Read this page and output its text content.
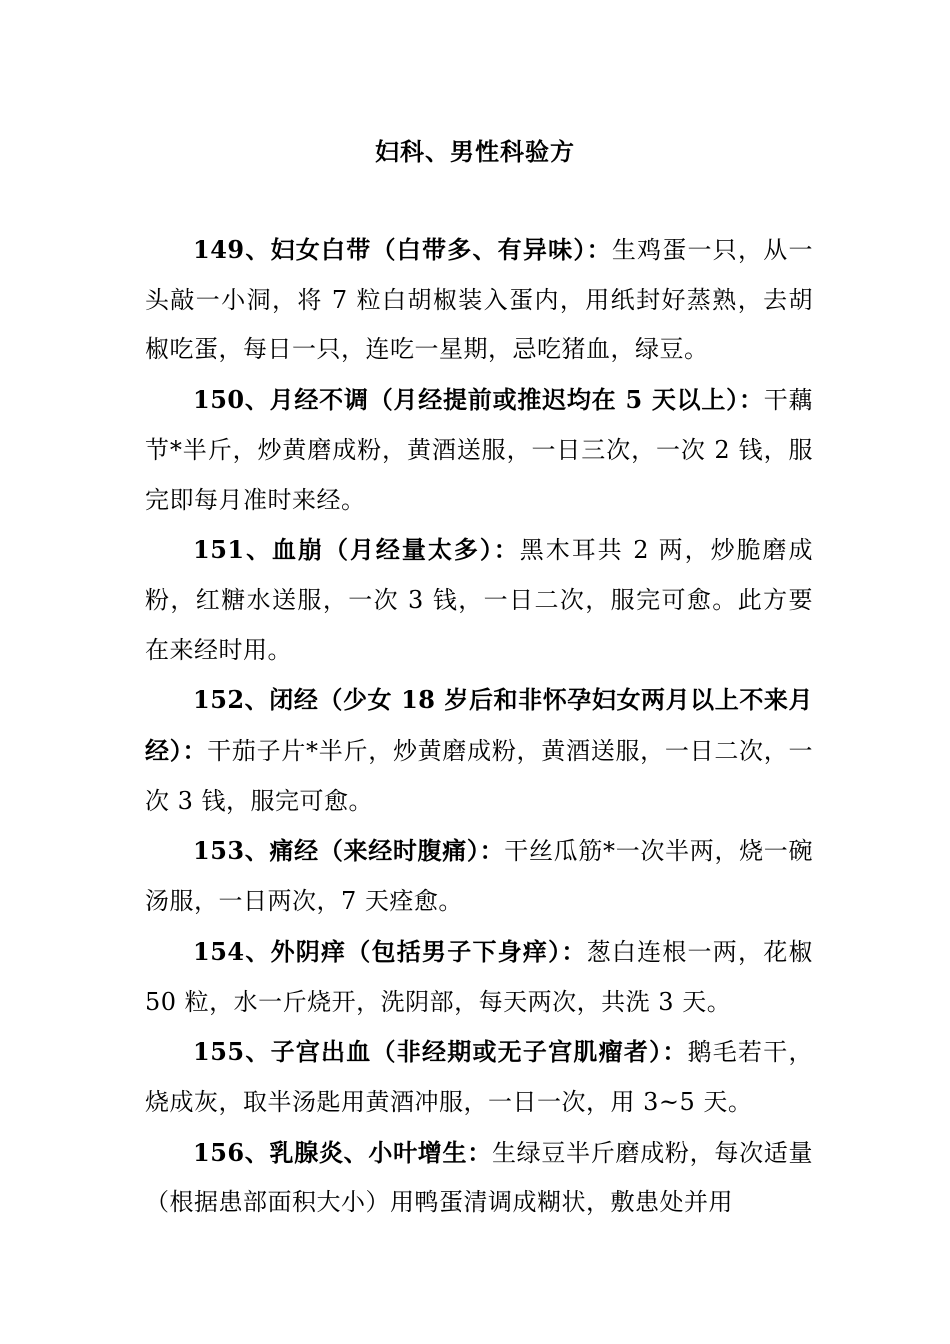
妇科、男性科验方

149、妇女白带（白带多、有异味）：生鸡蛋一只，从一头敲一小洞，将 7 粒白胡椒装入蛋内，用纸封好蒸熟，去胡椒吃蛋，每日一只，连吃一星期，忌吃猪血，绿豆。

150、月经不调（月经提前或推迟均在 5 天以上）：干藕节*半斤，炒黄磨成粉，黄酒送服，一日三次，一次 2 钱，服完即每月准时来经。

151、血崩（月经量太多）：黑木耳共 2 两，炒脆磨成粉，红糖水送服，一次 3 钱，一日二次，服完可愈。此方要在来经时用。

152、闭经（少女 18 岁后和非怀孕妇女两月以上不来月经）：干茄子片*半斤，炒黄磨成粉，黄酒送服，一日二次，一次 3 钱，服完可愈。

153、痛经（来经时腹痛）：干丝瓜筋*一次半两，烧一碗汤服，一日两次，7 天痊愈。

154、外阴痒（包括男子下身痒）：葱白连根一两，花椒 50 粒，水一斤烧开，洗阴部，每天两次，共洗 3 天。

155、子宫出血（非经期或无子宫肌瘤者）：鹅毛若干，烧成灰，取半汤匙用黄酒冲服，一日一次，用 3~5 天。

156、乳腺炎、小叶增生：生绿豆半斤磨成粉，每次适量（根据患部面积大小）用鸭蛋清调成糊状，敷患处并用
